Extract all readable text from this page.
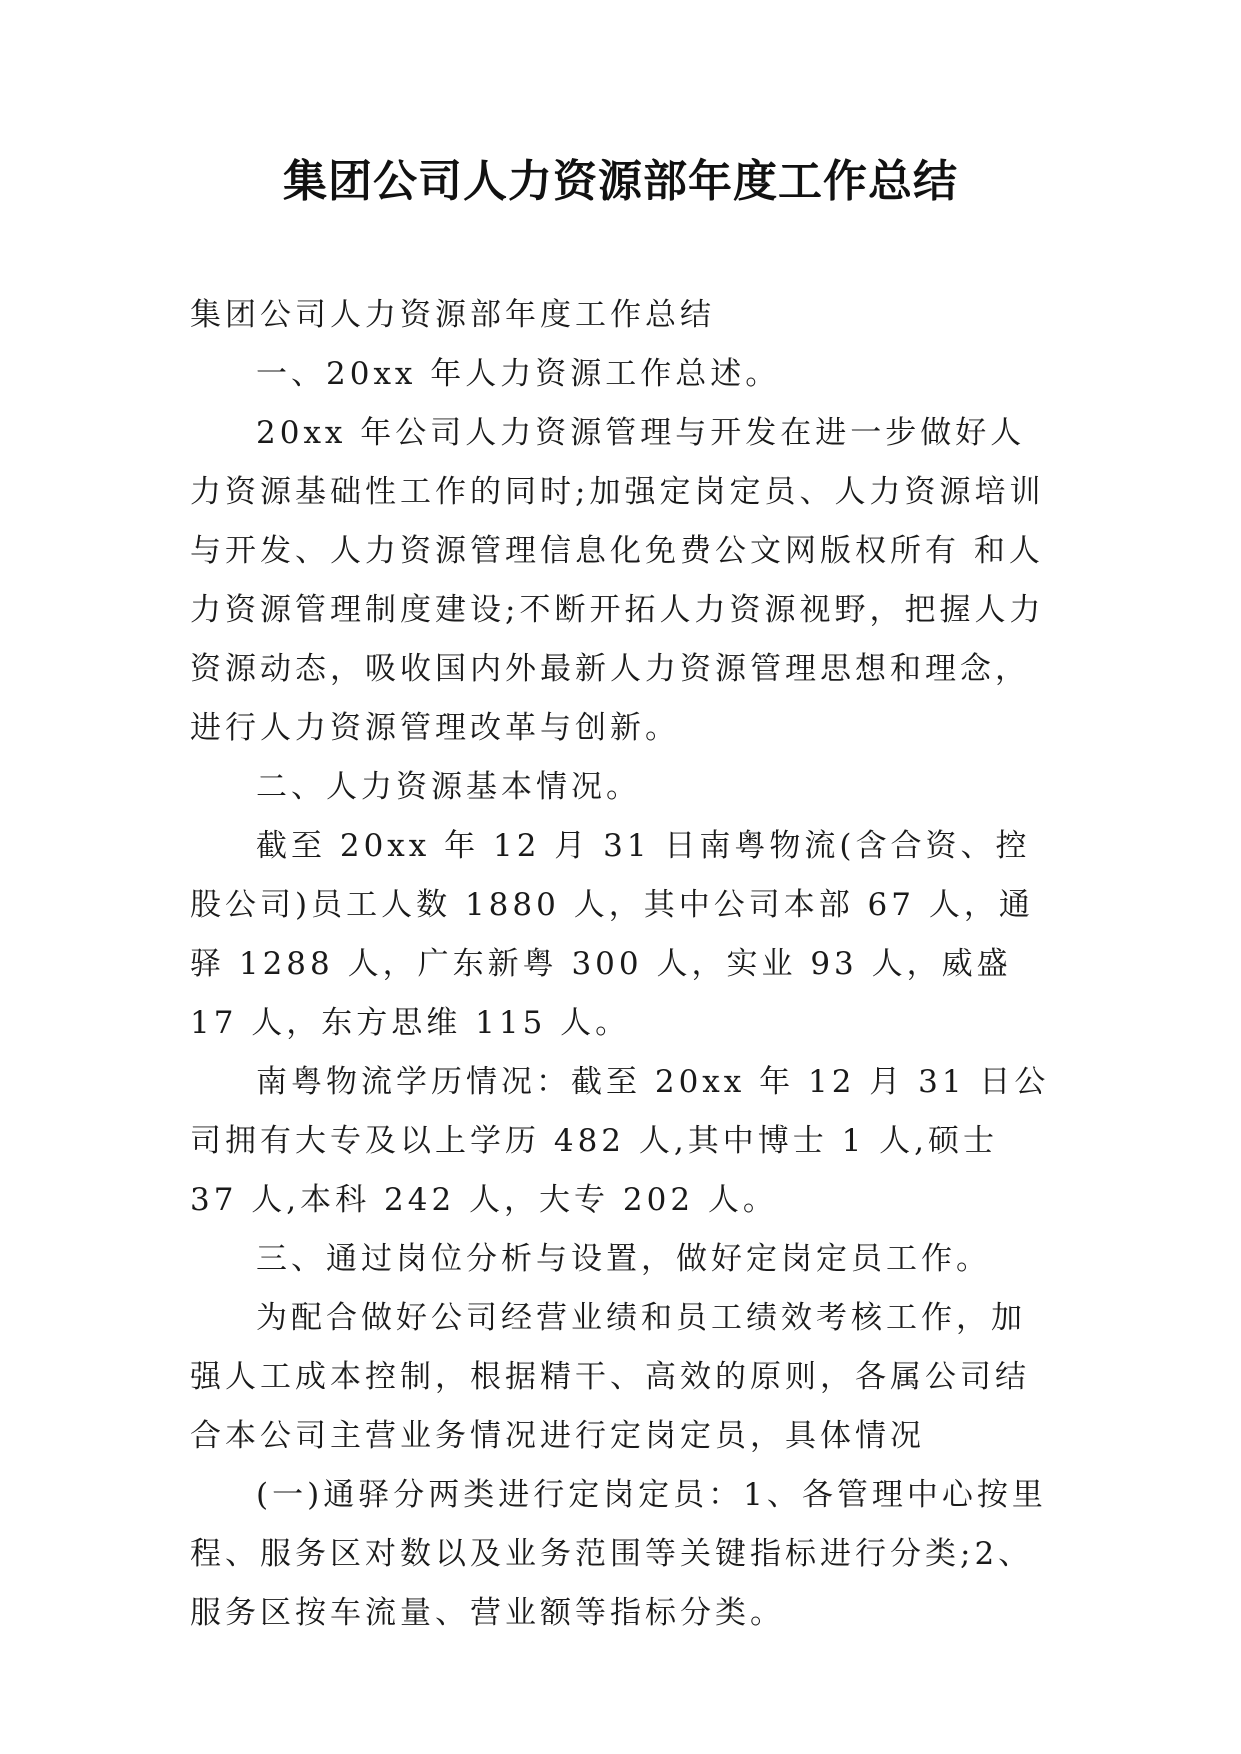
集团公司人力资源部年度工作总结

集团公司人力资源部年度工作总结

一、20xx 年人力资源工作总述。

20xx 年公司人力资源管理与开发在进一步做好人力资源基础性工作的同时;加强定岗定员、人力资源培训与开发、人力资源管理信息化免费公文网版权所有 和人力资源管理制度建设;不断开拓人力资源视野，把握人力资源动态，吸收国内外最新人力资源管理思想和理念，进行人力资源管理改革与创新。

二、人力资源基本情况。

截至 20xx 年 12 月 31 日南粤物流(含合资、控股公司)员工人数 1880 人，其中公司本部 67 人，通驿 1288 人，广东新粤 300 人，实业 93 人，威盛 17 人，东方思维 115 人。

南粤物流学历情况：截至 20xx 年 12 月 31 日公司拥有大专及以上学历 482 人,其中博士 1 人,硕士 37 人,本科 242 人，大专 202 人。

三、通过岗位分析与设置，做好定岗定员工作。

为配合做好公司经营业绩和员工绩效考核工作，加强人工成本控制，根据精干、高效的原则，各属公司结合本公司主营业务情况进行定岗定员，具体情况

(一)通驿分两类进行定岗定员：1、各管理中心按里程、服务区对数以及业务范围等关键指标进行分类;2、服务区按车流量、营业额等指标分类。
